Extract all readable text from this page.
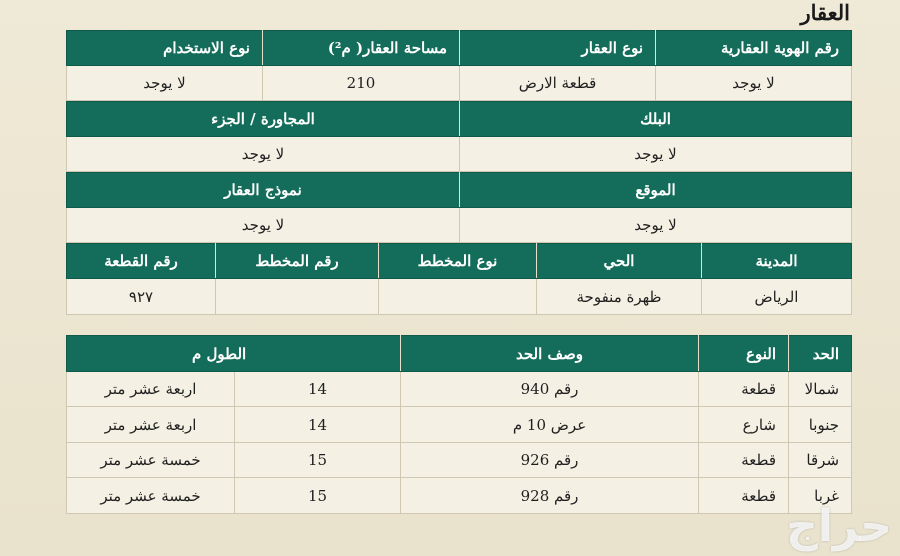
العقار
رقم الهوية العقارية	نوع العقار	مساحة العقار( م²)	نوع الاستخدام
لا يوجد	قطعة الارض	210	لا يوجد
البلك	المجاورة / الجزء
لا يوجد	لا يوجد
الموقع	نموذج العقار
لا يوجد	لا يوجد
المدينة	الحي	نوع المخطط	رقم المخطط	رقم القطعة
الرياض	ظهرة منفوحة			٩٢٧
الحد	النوع	وصف الحد	الطول م	
شمالا	قطعة	رقم 940	14	اربعة عشر متر
جنوبا	شارع	عرض 10 م	14	اربعة عشر متر
شرقا	قطعة	رقم 926	15	خمسة عشر متر
غربا	قطعة	رقم 928	15	خمسة عشر متر
حراج
